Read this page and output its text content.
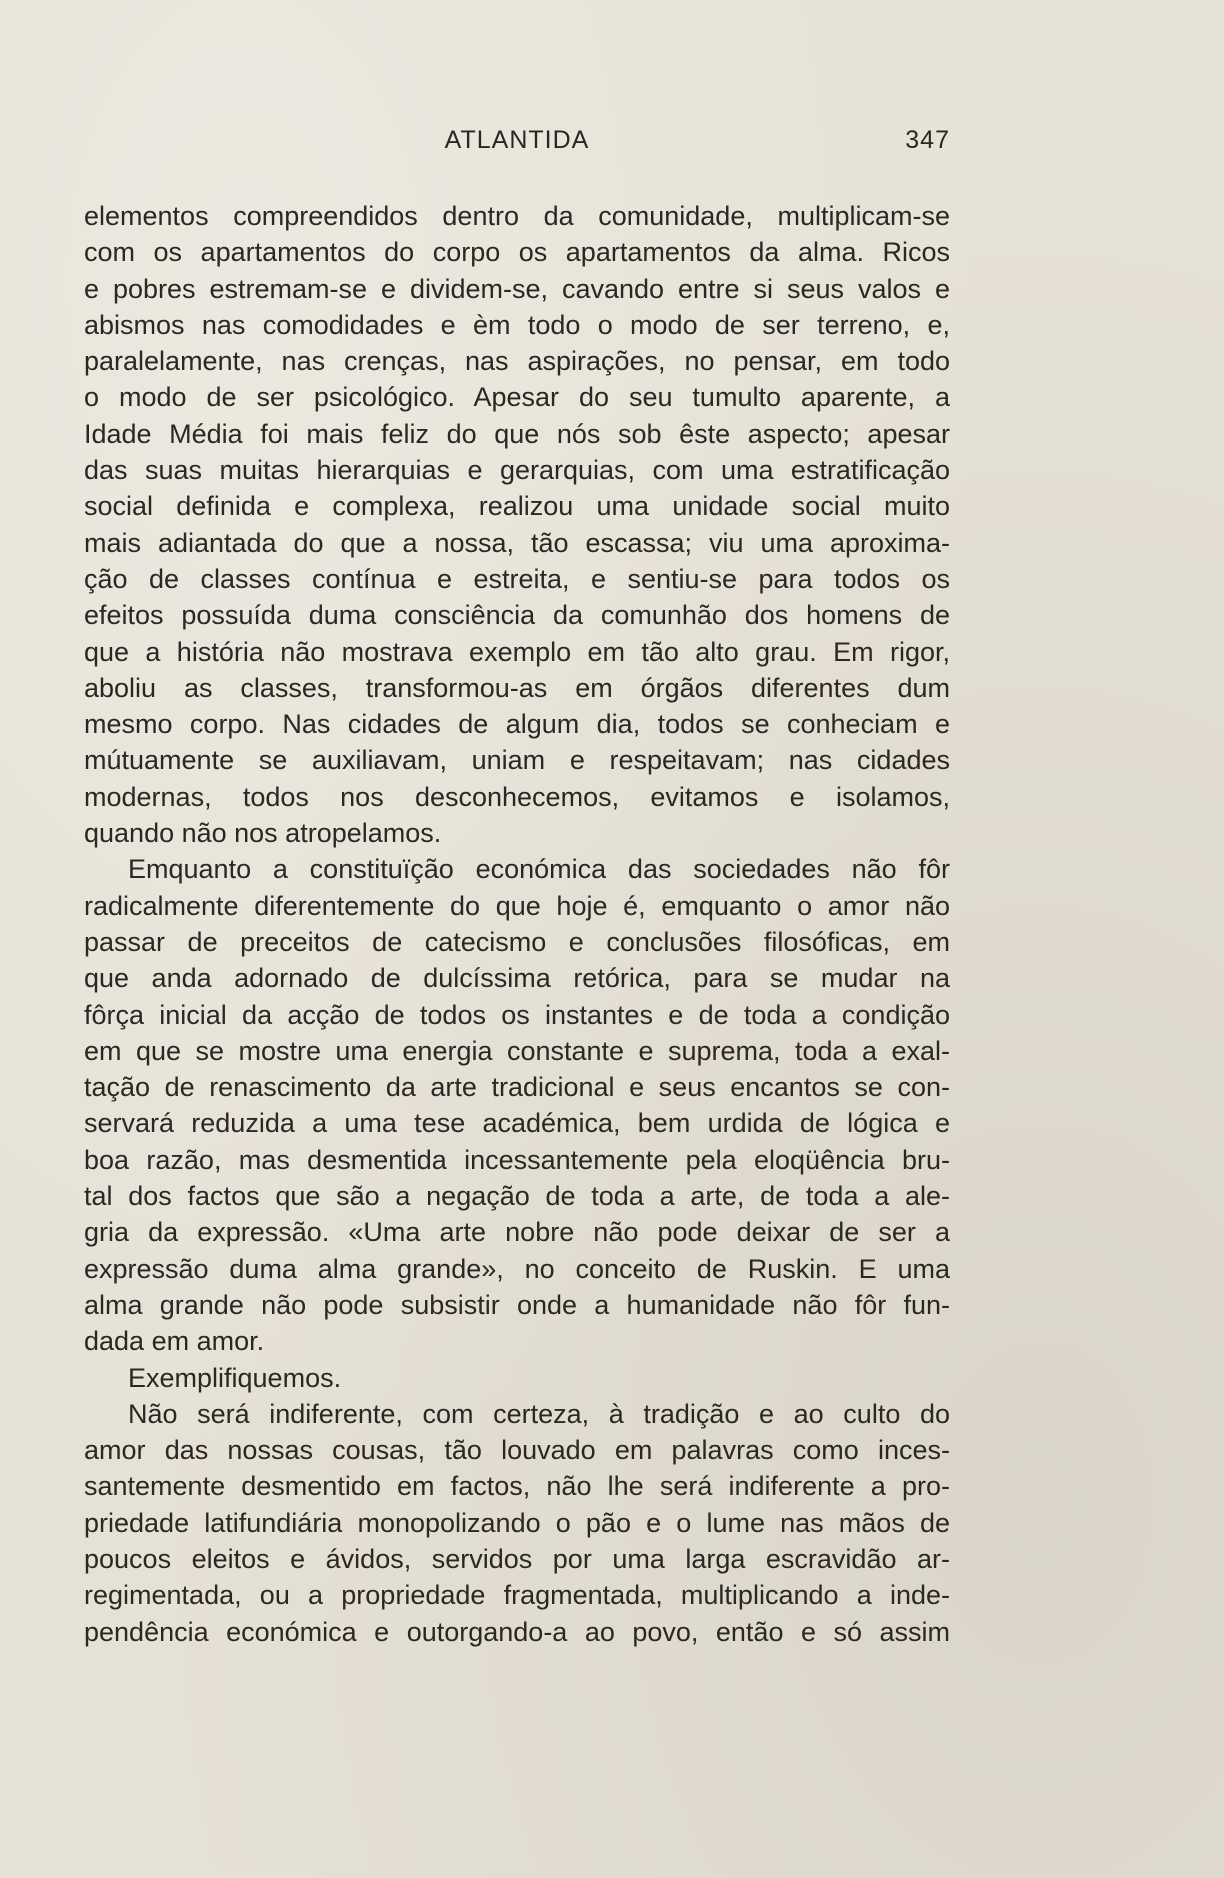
ATLANTIDA	347
elementos compreendidos dentro da comunidade, multiplicam-se
com os apartamentos do corpo os apartamentos da alma. Ricos
e pobres estremam-se e dividem-se, cavando entre si seus valos e
abismos nas comodidades e èm todo o modo de ser terreno, e,
paralelamente, nas crenças, nas aspirações, no pensar, em todo
o modo de ser psicológico. Apesar do seu tumulto aparente, a
Idade Média foi mais feliz do que nós sob êste aspecto; apesar
das suas muitas hierarquias e gerarquias, com uma estratificação
social definida e complexa, realizou uma unidade social muito
mais adiantada do que a nossa, tão escassa; viu uma aproxima-
ção de classes contínua e estreita, e sentiu-se para todos os
efeitos possuída duma consciência da comunhão dos homens de
que a história não mostrava exemplo em tão alto grau. Em rigor,
aboliu as classes, transformou-as em órgãos diferentes dum
mesmo corpo. Nas cidades de algum dia, todos se conheciam e
mútuamente se auxiliavam, uniam e respeitavam; nas cidades
modernas, todos nos desconhecemos, evitamos e isolamos,
quando não nos atropelamos.
Emquanto a constituïção económica das sociedades não fôr
radicalmente diferentemente do que hoje é, emquanto o amor não
passar de preceitos de catecismo e conclusões filosóficas, em
que anda adornado de dulcíssima retórica, para se mudar na
fôrça inicial da acção de todos os instantes e de toda a condição
em que se mostre uma energia constante e suprema, toda a exal-
tação de renascimento da arte tradicional e seus encantos se con-
servará reduzida a uma tese académica, bem urdida de lógica e
boa razão, mas desmentida incessantemente pela eloqüência bru-
tal dos factos que são a negação de toda a arte, de toda a ale-
gria da expressão. «Uma arte nobre não pode deixar de ser a
expressão duma alma grande», no conceito de Ruskin. E uma
alma grande não pode subsistir onde a humanidade não fôr fun-
dada em amor.
Exemplifiquemos.
Não será indiferente, com certeza, à tradição e ao culto do
amor das nossas cousas, tão louvado em palavras como inces-
santemente desmentido em factos, não lhe será indiferente a pro-
priedade latifundiária monopolizando o pão e o lume nas mãos de
poucos eleitos e ávidos, servidos por uma larga escravidão ar-
regimentada, ou a propriedade fragmentada, multiplicando a inde-
pendência económica e outorgando-a ao povo, então e só assim
